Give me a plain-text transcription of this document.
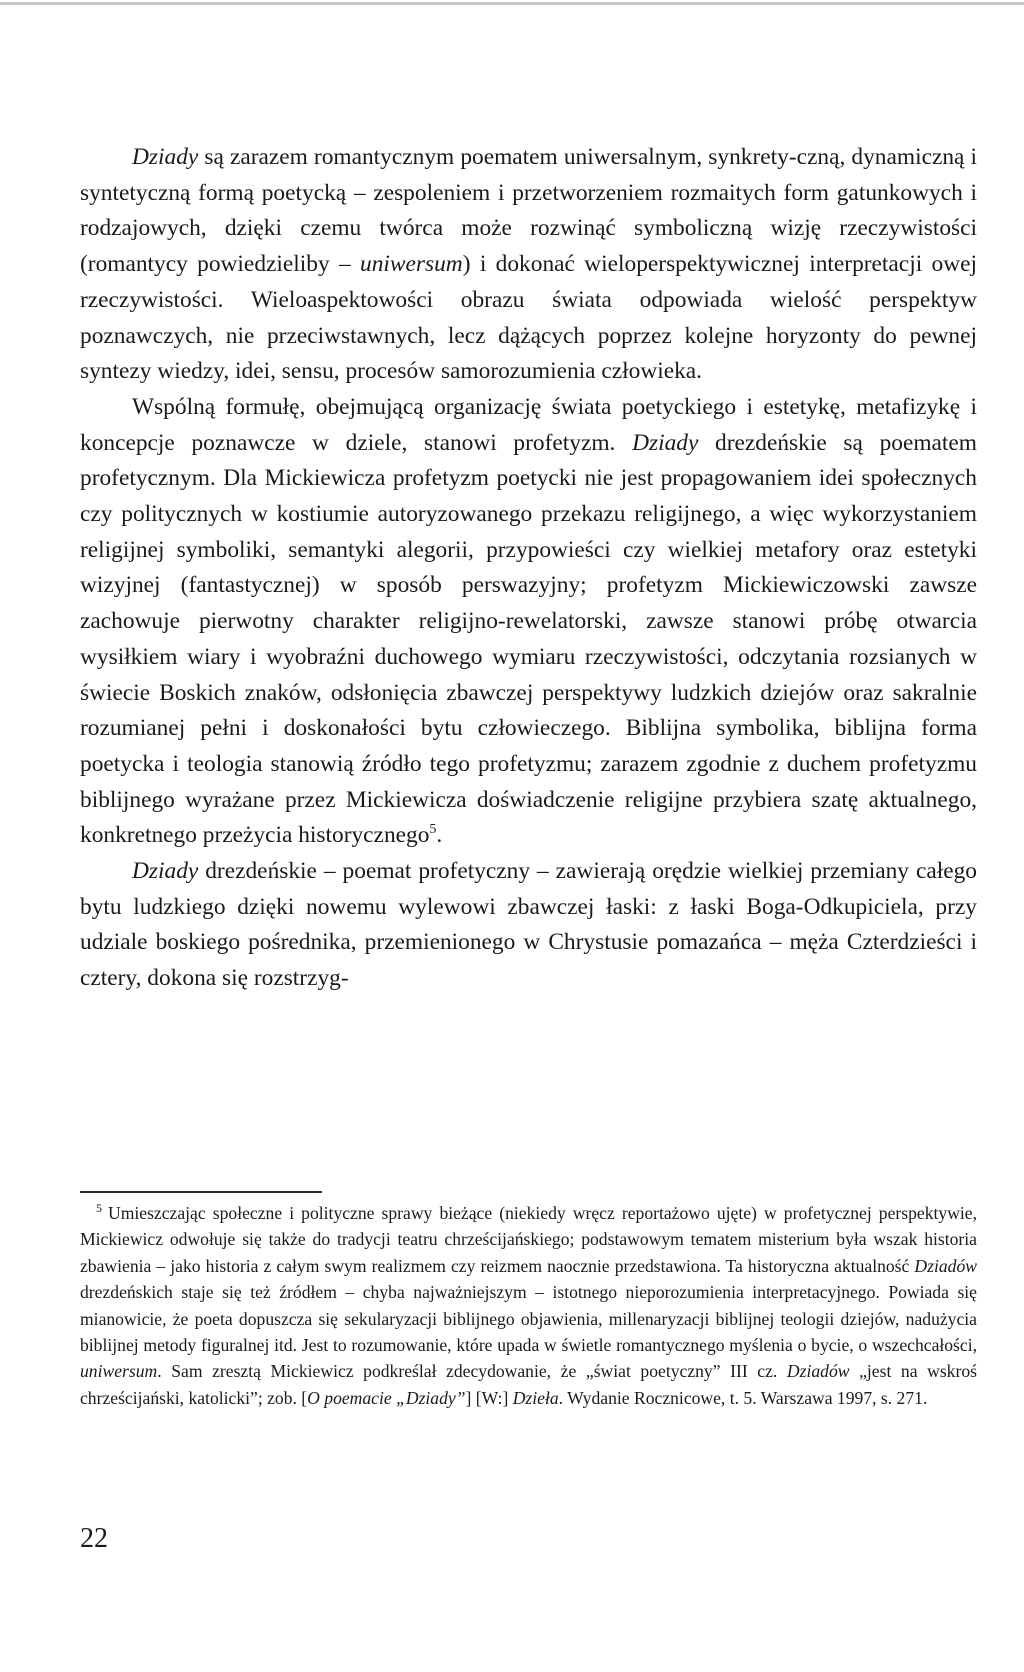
Dziady są zarazem romantycznym poematem uniwersalnym, synkrety-czną, dynamiczną i syntetyczną formą poetycką – zespoleniem i przetworzeniem rozmaitych form gatunkowych i rodzajowych, dzięki czemu twórca może rozwinąć symboliczną wizję rzeczywistości (romantycy powiedzieliby – uniwersum) i dokonać wieloperspektywicznej interpretacji owej rzeczywistości. Wieloaspektowości obrazu świata odpowiada wielość perspektyw poznawczych, nie przeciwstawnych, lecz dążących poprzez kolejne horyzonty do pewnej syntezy wiedzy, idei, sensu, procesów samorozumienia człowieka.

Wspólną formułę, obejmującą organizację świata poetyckiego i estetykę, metafizykę i koncepcje poznawcze w dziele, stanowi profetyzm. Dziady drezdeńskie są poematem profetycznym. Dla Mickiewicza profetyzm poetycki nie jest propagowaniem idei społecznych czy politycznych w kostiumie autoryzowanego przekazu religijnego, a więc wykorzystaniem religijnej symboliki, semantyki alegorii, przypowieści czy wielkiej metafory oraz estetyki wizyjnej (fantastycznej) w sposób perswazyjny; profetyzm Mickiewiczowski zawsze zachowuje pierwotny charakter religijno-rewelatorski, zawsze stanowi próbę otwarcia wysiłkiem wiary i wyobraźni duchowego wymiaru rzeczywistości, odczytania rozsianych w świecie Boskich znaków, odsłonięcia zbawczej perspektywy ludzkich dziejów oraz sakralnie rozumianej pełni i doskonałości bytu człowieczego. Biblijna symbolika, biblijna forma poetycka i teologia stanowią źródło tego profetyzmu; zarazem zgodnie z duchem profetyzmu biblijnego wyrażane przez Mickiewicza doświadczenie religijne przybiera szatę aktualnego, konkretnego przeżycia historycznego$^5$.

Dziady drezdeńskie – poemat profetyczny – zawierają orędzie wielkiej przemiany całego bytu ludzkiego dzięki nowemu wylewowi zbawczej łaski: z łaski Boga-Odkupiciela, przy udziale boskiego pośrednika, przemienionego w Chrystusie pomazańca – męża Czterdzieści i cztery, dokona się rozstrzyg-

$^5$ Umieszczając społeczne i polityczne sprawy bieżące (niekiedy wręcz reportażowo ujęte) w profetycznej perspektywie, Mickiewicz odwołuje się także do tradycji teatru chrześcijańskiego; podstawowym tematem misterium była wszak historia zbawienia – jako historia z całym swym realizmem czy reizmem naocznie przedstawiona. Ta historyczna aktualność Dziadów drezdeńskich staje się też źródłem – chyba najważniejszym – istotnego nieporozumienia interpretacyjnego. Powiada się mianowicie, że poeta dopuszcza się sekularyzacji biblijnego objawienia, millenaryzacji biblijnej teologii dziejów, nadużycia biblijnej metody figuralnej itd. Jest to rozumowanie, które upada w świetle romantycznego myślenia o bycie, o wszechcałości, uniwersum. Sam zresztą Mickiewicz podkreślał zdecydowanie, że „świat poetyczny” III cz. Dziadów „jest na wskroś chrześcijański, katolicki”; zob. [O poemacie „Dziady”] [W:] Dzieła. Wydanie Rocznicowe, t. 5. Warszawa 1997, s. 271.
22
